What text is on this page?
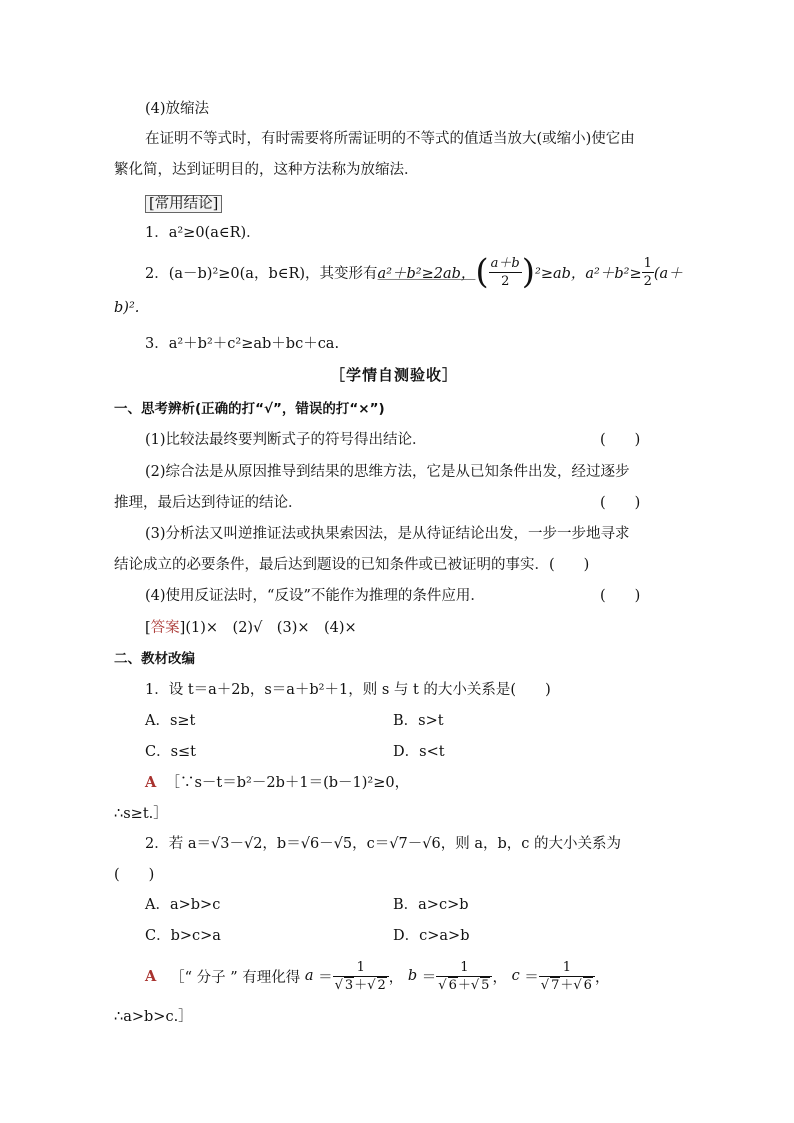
(4)放缩法
在证明不等式时，有时需要将所需证明的不等式的值适当放大(或缩小)使它由
繁化简，达到证明目的，这种方法称为放缩法．
[常用结论]
1．a²≥0(a∈R)．
2．(a－b)²≥0(a，b∈R)，其变形有 a²＋b²≥2ab， ( $\frac{a+b}{2}$ ) ²≥ab，$a^2+b^2\ge \frac{1}{2} (a+$
b)².
3．a²＋b²＋c²≥ab＋bc＋ca.
［学情自测验收］
一、思考辨析(正确的打“√”，错误的打“×”)
(1)比较法最终要判断式子的符号得出结论．	(　　)
(2)综合法是从原因推导到结果的思维方法，它是从已知条件出发，经过逐步
推理，最后达到待证的结论．	(　　)
(3)分析法又叫逆推证法或执果索因法，是从待证结论出发，一步一步地寻求
结论成立的必要条件，最后达到题设的已知条件或已被证明的事实．(　　)
(4)使用反证法时，“反设”不能作为推理的条件应用．	(　　)
[答案](1)×　(2)√　(3)×　(4)×
二、教材改编
1．设 t＝a＋2b，s＝a＋b²＋1，则 s 与 t 的大小关系是(　　)
A．s≥t	B．s>t
C．s≤t	D．s<t
A ［∵s－t＝b²－2b＋1＝(b－1)²≥0，
∴s≥t.］
2．若 a＝√3－√2，b＝√6－√5，c＝√7－√6，则 a，b，c 的大小关系为
(　　)
A．a>b>c	B．a>c>b
C．b>c>a	D．c>a>b
A
［“ 分子 ” 有理化得
$a = \frac{1}{√ 3+√ 2}$ ， $b = \frac{1}{√ 6+√ 5}$ ， $c = \frac{1}{√ 7+√ 6}$ ，
∴a>b>c.］
